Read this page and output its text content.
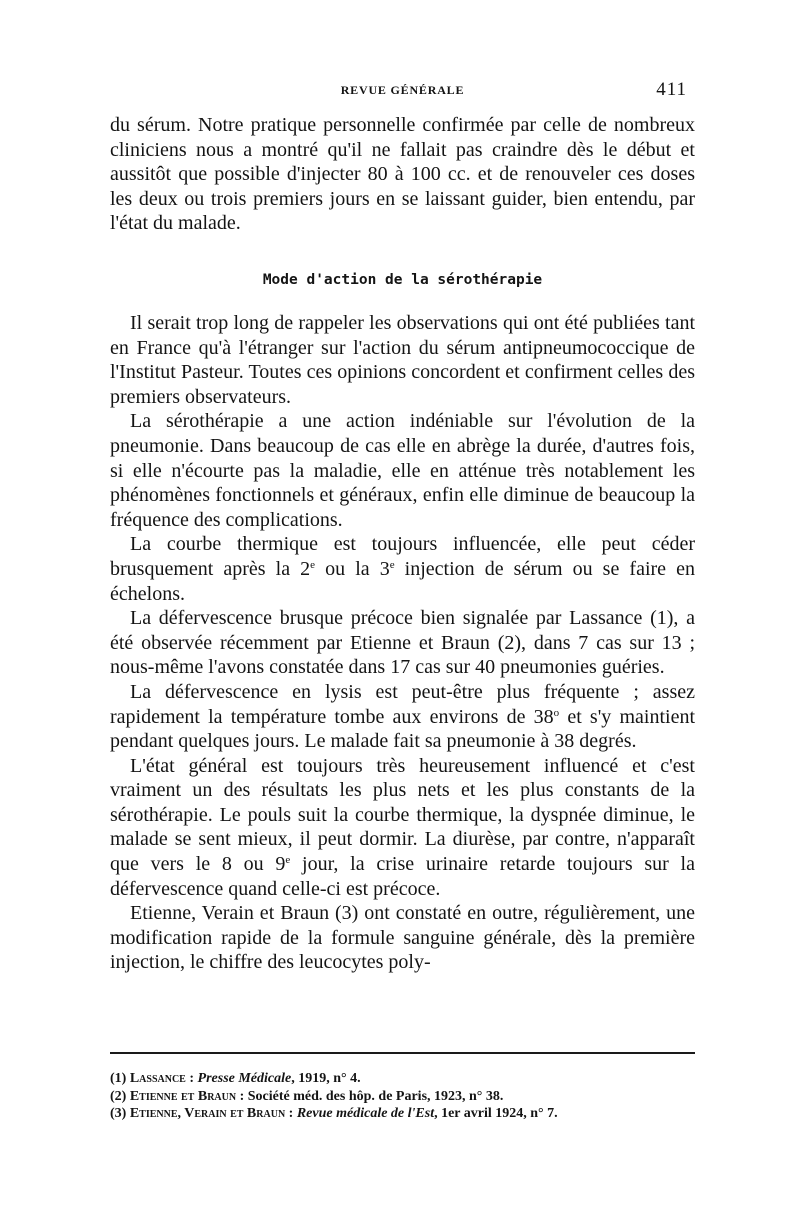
REVUE GÉNÉRALE	411

du sérum. Notre pratique personnelle confirmée par celle de nombreux cliniciens nous a montré qu'il ne fallait pas craindre dès le début et aussitôt que possible d'injecter 80 à 100 cc. et de renouveler ces doses les deux ou trois premiers jours en se laissant guider, bien entendu, par l'état du malade.

Mode d'action de la sérothérapie

Il serait trop long de rappeler les observations qui ont été publiées tant en France qu'à l'étranger sur l'action du sérum antipneumococcique de l'Institut Pasteur. Toutes ces opinions concordent et confirment celles des premiers observateurs.

La sérothérapie a une action indéniable sur l'évolution de la pneumonie. Dans beaucoup de cas elle en abrège la durée, d'autres fois, si elle n'écourte pas la maladie, elle en atténue très notablement les phénomènes fonctionnels et généraux, enfin elle diminue de beaucoup la fréquence des complications.

La courbe thermique est toujours influencée, elle peut céder brusquement après la 2e ou la 3e injection de sérum ou se faire en échelons.

La défervescence brusque précoce bien signalée par Lassance (1), a été observée récemment par Etienne et Braun (2), dans 7 cas sur 13 ; nous-même l'avons constatée dans 17 cas sur 40 pneumonies guéries.

La défervescence en lysis est peut-être plus fréquente ; assez rapidement la température tombe aux environs de 38$^o$ et s'y maintient pendant quelques jours. Le malade fait sa pneumonie à 38 degrés.

L'état général est toujours très heureusement influencé et c'est vraiment un des résultats les plus nets et les plus constants de la sérothérapie. Le pouls suit la courbe thermique, la dyspnée diminue, le malade se sent mieux, il peut dormir. La diurèse, par contre, n'apparaît que vers le 8 ou 9e jour, la crise urinaire retarde toujours sur la défervescence quand celle-ci est précoce.

Etienne, Verain et Braun (3) ont constaté en outre, régulièrement, une modification rapide de la formule sanguine générale, dès la première injection, le chiffre des leucocytes poly-

(1) Lassance : Presse Médicale, 1919, n° 4.
(2) Etienne et Braun : Société méd. des hôp. de Paris, 1923, n° 38.
(3) Etienne, Verain et Braun : Revue médicale de l'Est, 1er avril 1924, n° 7.
